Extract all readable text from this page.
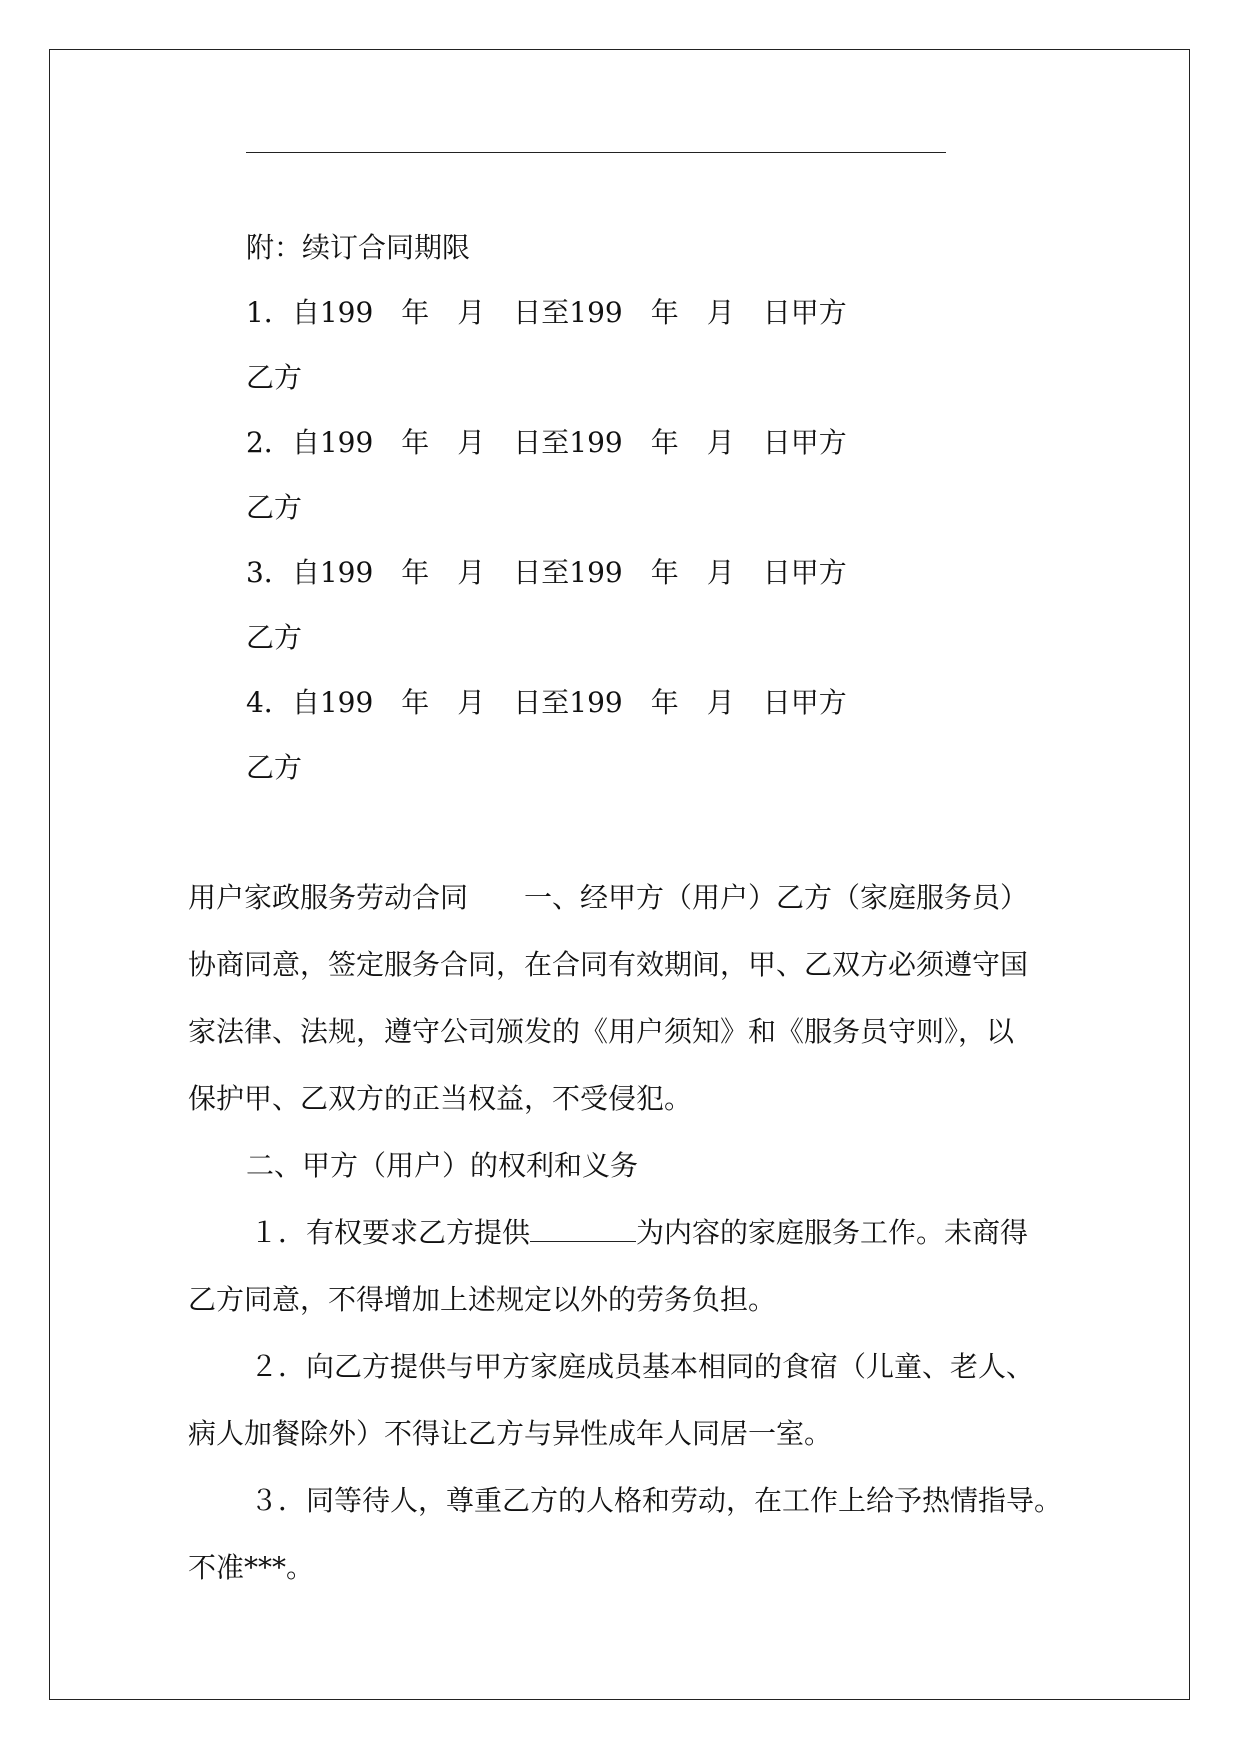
附：续订合同期限

1．自199　年　月　日至199　年　月　日甲方

乙方

2．自199　年　月　日至199　年　月　日甲方

乙方

3．自199　年　月　日至199　年　月　日甲方

乙方

4．自199　年　月　日至199　年　月　日甲方

乙方

用户家政服务劳动合同　　一、经甲方（用户）乙方（家庭服务员）

协商同意，签定服务合同，在合同有效期间，甲、乙双方必须遵守国

家法律、法规，遵守公司颁发的《用户须知》和《服务员守则》，以

保护甲、乙双方的正当权益，不受侵犯。

二、甲方（用户）的权利和义务

１．有权要求乙方提供	为内容的家庭服务工作。未商得

乙方同意，不得增加上述规定以外的劳务负担。

２．向乙方提供与甲方家庭成员基本相同的食宿（儿童、老人、

病人加餐除外）不得让乙方与异性成年人同居一室。

３．同等待人，尊重乙方的人格和劳动，在工作上给予热情指导。

不准***。
